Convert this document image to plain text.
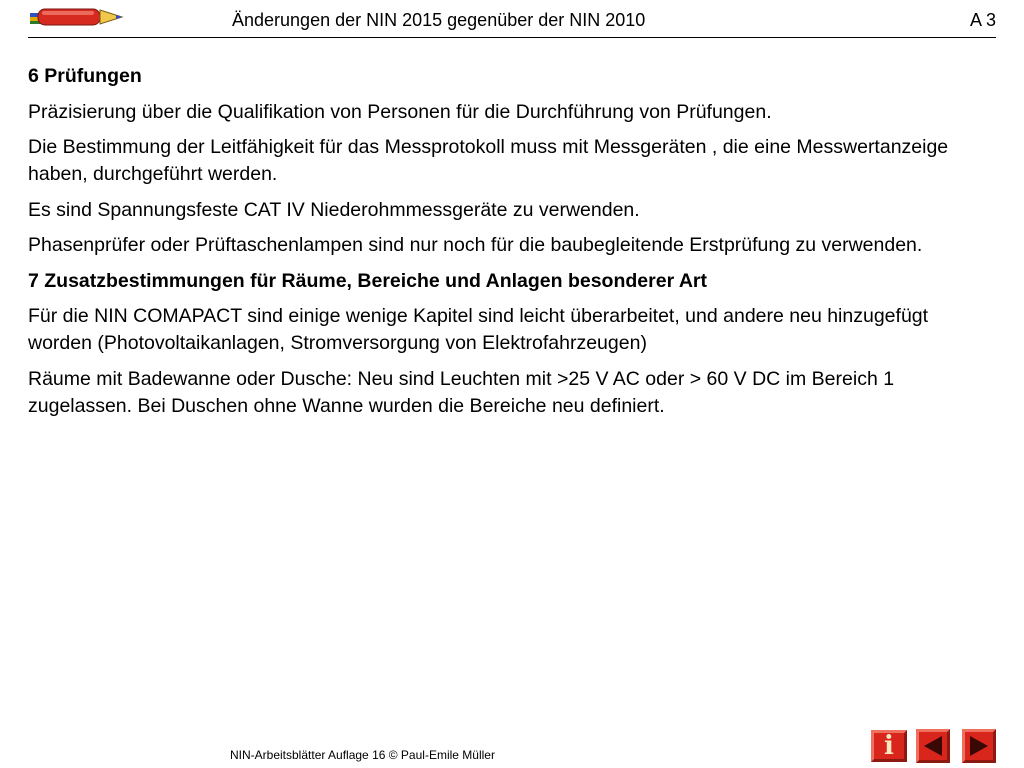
Änderungen der NIN 2015 gegenüber der NIN 2010	A 3

6 Prüfungen

Präzisierung über die Qualifikation von Personen für die Durchführung von Prüfungen.

Die Bestimmung der Leitfähigkeit für das Messprotokoll muss mit Messgeräten , die eine Messwertanzeige haben, durchgeführt werden.

Es sind Spannungsfeste CAT IV Niederohmmessgeräte zu verwenden.

Phasenprüfer oder Prüftaschenlampen sind nur noch für die baubegleitende Erstprüfung zu verwenden.

7 Zusatzbestimmungen für Räume, Bereiche und Anlagen besonderer Art

Für die NIN COMAPACT sind einige wenige Kapitel sind leicht überarbeitet, und andere neu hinzugefügt worden (Photovoltaikanlagen, Stromversorgung von Elektrofahrzeugen)

Räume mit Badewanne oder Dusche: Neu sind Leuchten mit >25 V AC oder > 60 V DC im Bereich 1 zugelassen. Bei Duschen ohne Wanne wurden die Bereiche neu definiert.

NIN-Arbeitsblätter Auflage 16 © Paul-Emile Müller	i
